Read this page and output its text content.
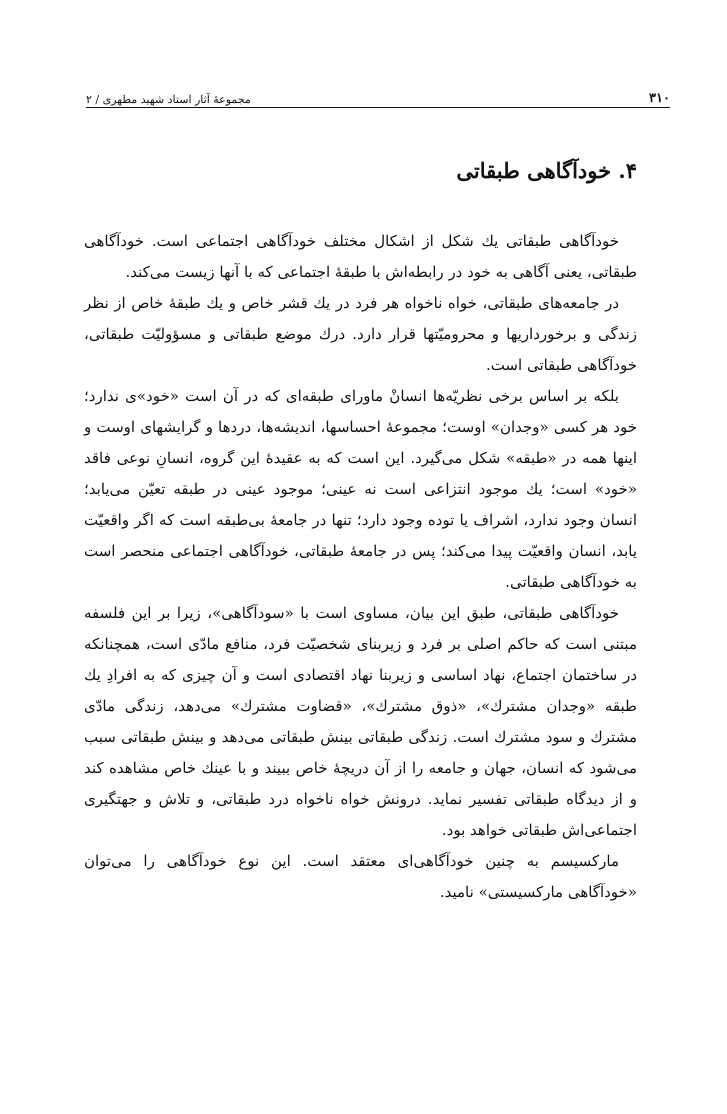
مجموعهٔ آثار استاد شهید مطهری / ۲	۳۱۰
۴. خودآگاهی طبقاتی

خودآگاهی طبقاتی یك شكل از اشكال مختلف خودآگاهی اجتماعی است. خودآگاهی طبقاتی، یعنی آگاهی به خود در رابطه‌اش با طبقهٔ اجتماعی كه با آنها زیست می‌كند.

در جامعه‌های طبقاتی، خواه ناخواه هر فرد در یك قشر خاص و یك طبقهٔ خاص از نظر زندگی و برخورداریها و محرومیّتها قرار دارد. درك موضع طبقاتی و مسؤولیّت طبقاتی، خودآگاهی طبقاتی است.

بلكه بر اساس برخی نظریّه‌ها انسانْ ماورای طبقه‌ای كه در آن است «خود»ی ندارد؛ خود هر كسی «وجدان» اوست؛ مجموعهٔ احساسها، اندیشه‌ها، دردها و گرایشهای اوست و اینها همه در «طبقه» شكل می‌گیرد. این است كه به عقیدهٔ این گروه، انسانِ نوعی فاقد «خود» است؛ یك موجود انتزاعی است نه عینی؛ موجود عینی در طبقه تعیّن می‌یابد؛ انسان وجود ندارد، اشراف یا توده وجود دارد؛ تنها در جامعهٔ بی‌طبقه است كه اگر واقعیّت یابد، انسان واقعیّت پیدا می‌كند؛ پس در جامعهٔ طبقاتی، خودآگاهی اجتماعی منحصر است به خودآگاهی طبقاتی.

خودآگاهی طبقاتی، طبق این بیان، مساوی است با «سودآگاهی»، زیرا بر این فلسفه مبتنی است كه حاكم اصلی بر فرد و زیربنای شخصیّت فرد، منافع مادّی است، همچنانكه در ساختمان اجتماع، نهاد اساسی و زیربنا نهاد اقتصادی است و آن چیزی كه به افرادِ یك طبقه «وجدان مشترك»، «ذوق مشترك»، «قضاوت مشترك» می‌دهد، زندگی مادّی مشترك و سود مشترك است. زندگی طبقاتی بینش طبقاتی می‌دهد و بینش طبقاتی سبب می‌شود كه انسان، جهان و جامعه را از آن دریچهٔ خاص ببیند و با عینك خاص مشاهده كند و از دیدگاه طبقاتی تفسیر نماید. درونش خواه ناخواه درد طبقاتی، و تلاش و جهتگیری اجتماعی‌اش طبقاتی خواهد بود.

ماركسیسم به چنین خودآگاهی‌ای معتقد است. این نوع خودآگاهی را می‌توان «خودآگاهی ماركسیستی» نامید.
